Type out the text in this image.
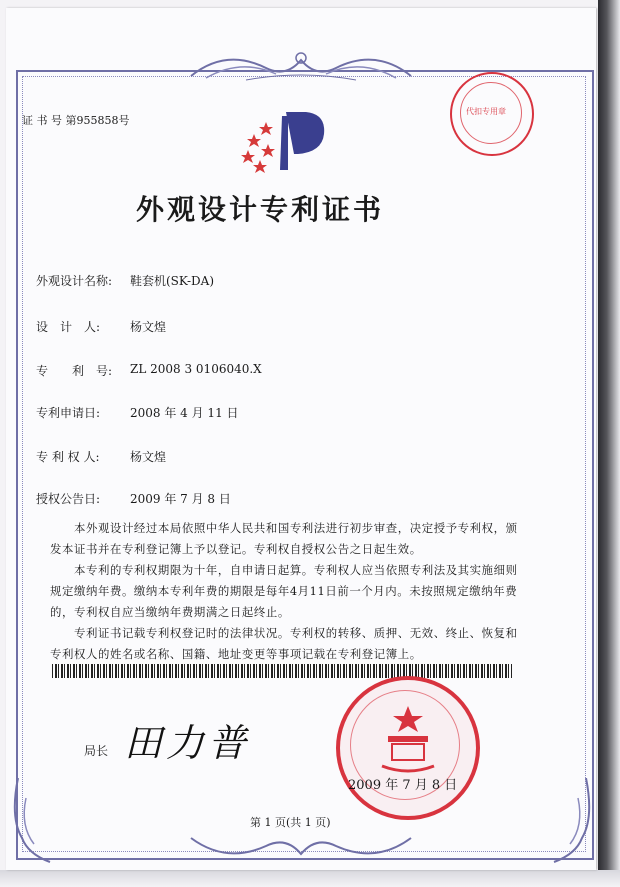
证 书 号 第955858号
代扣专用章
外观设计专利证书
外观设计名称: 鞋套机(SK-DA)
设　计　人: 杨文煌
专　　利　号: ZL 2008 3 0106040.X
专利申请日: 2008 年 4 月 11 日
专 利 权 人:	杨文煌
授权公告日: 2009 年 7 月 8 日
　　本外观设计经过本局依照中华人民共和国专利法进行初步审查，决定授予专利权，颁
发本证书并在专利登记簿上予以登记。专利权自授权公告之日起生效。
　　本专利的专利权期限为十年，自申请日起算。专利权人应当依照专利法及其实施细则
规定缴纳年费。缴纳本专利年费的期限是每年4月11日前一个月内。未按照规定缴纳年费
的，专利权自应当缴纳年费期满之日起终止。
　　专利证书记载专利权登记时的法律状况。专利权的转移、质押、无效、终止、恢复和
专利权人的姓名或名称、国籍、地址变更等事项记载在专利登记簿上。
局长 田力普
2009 年 7 月 8 日
第 1 页(共 1 页)
